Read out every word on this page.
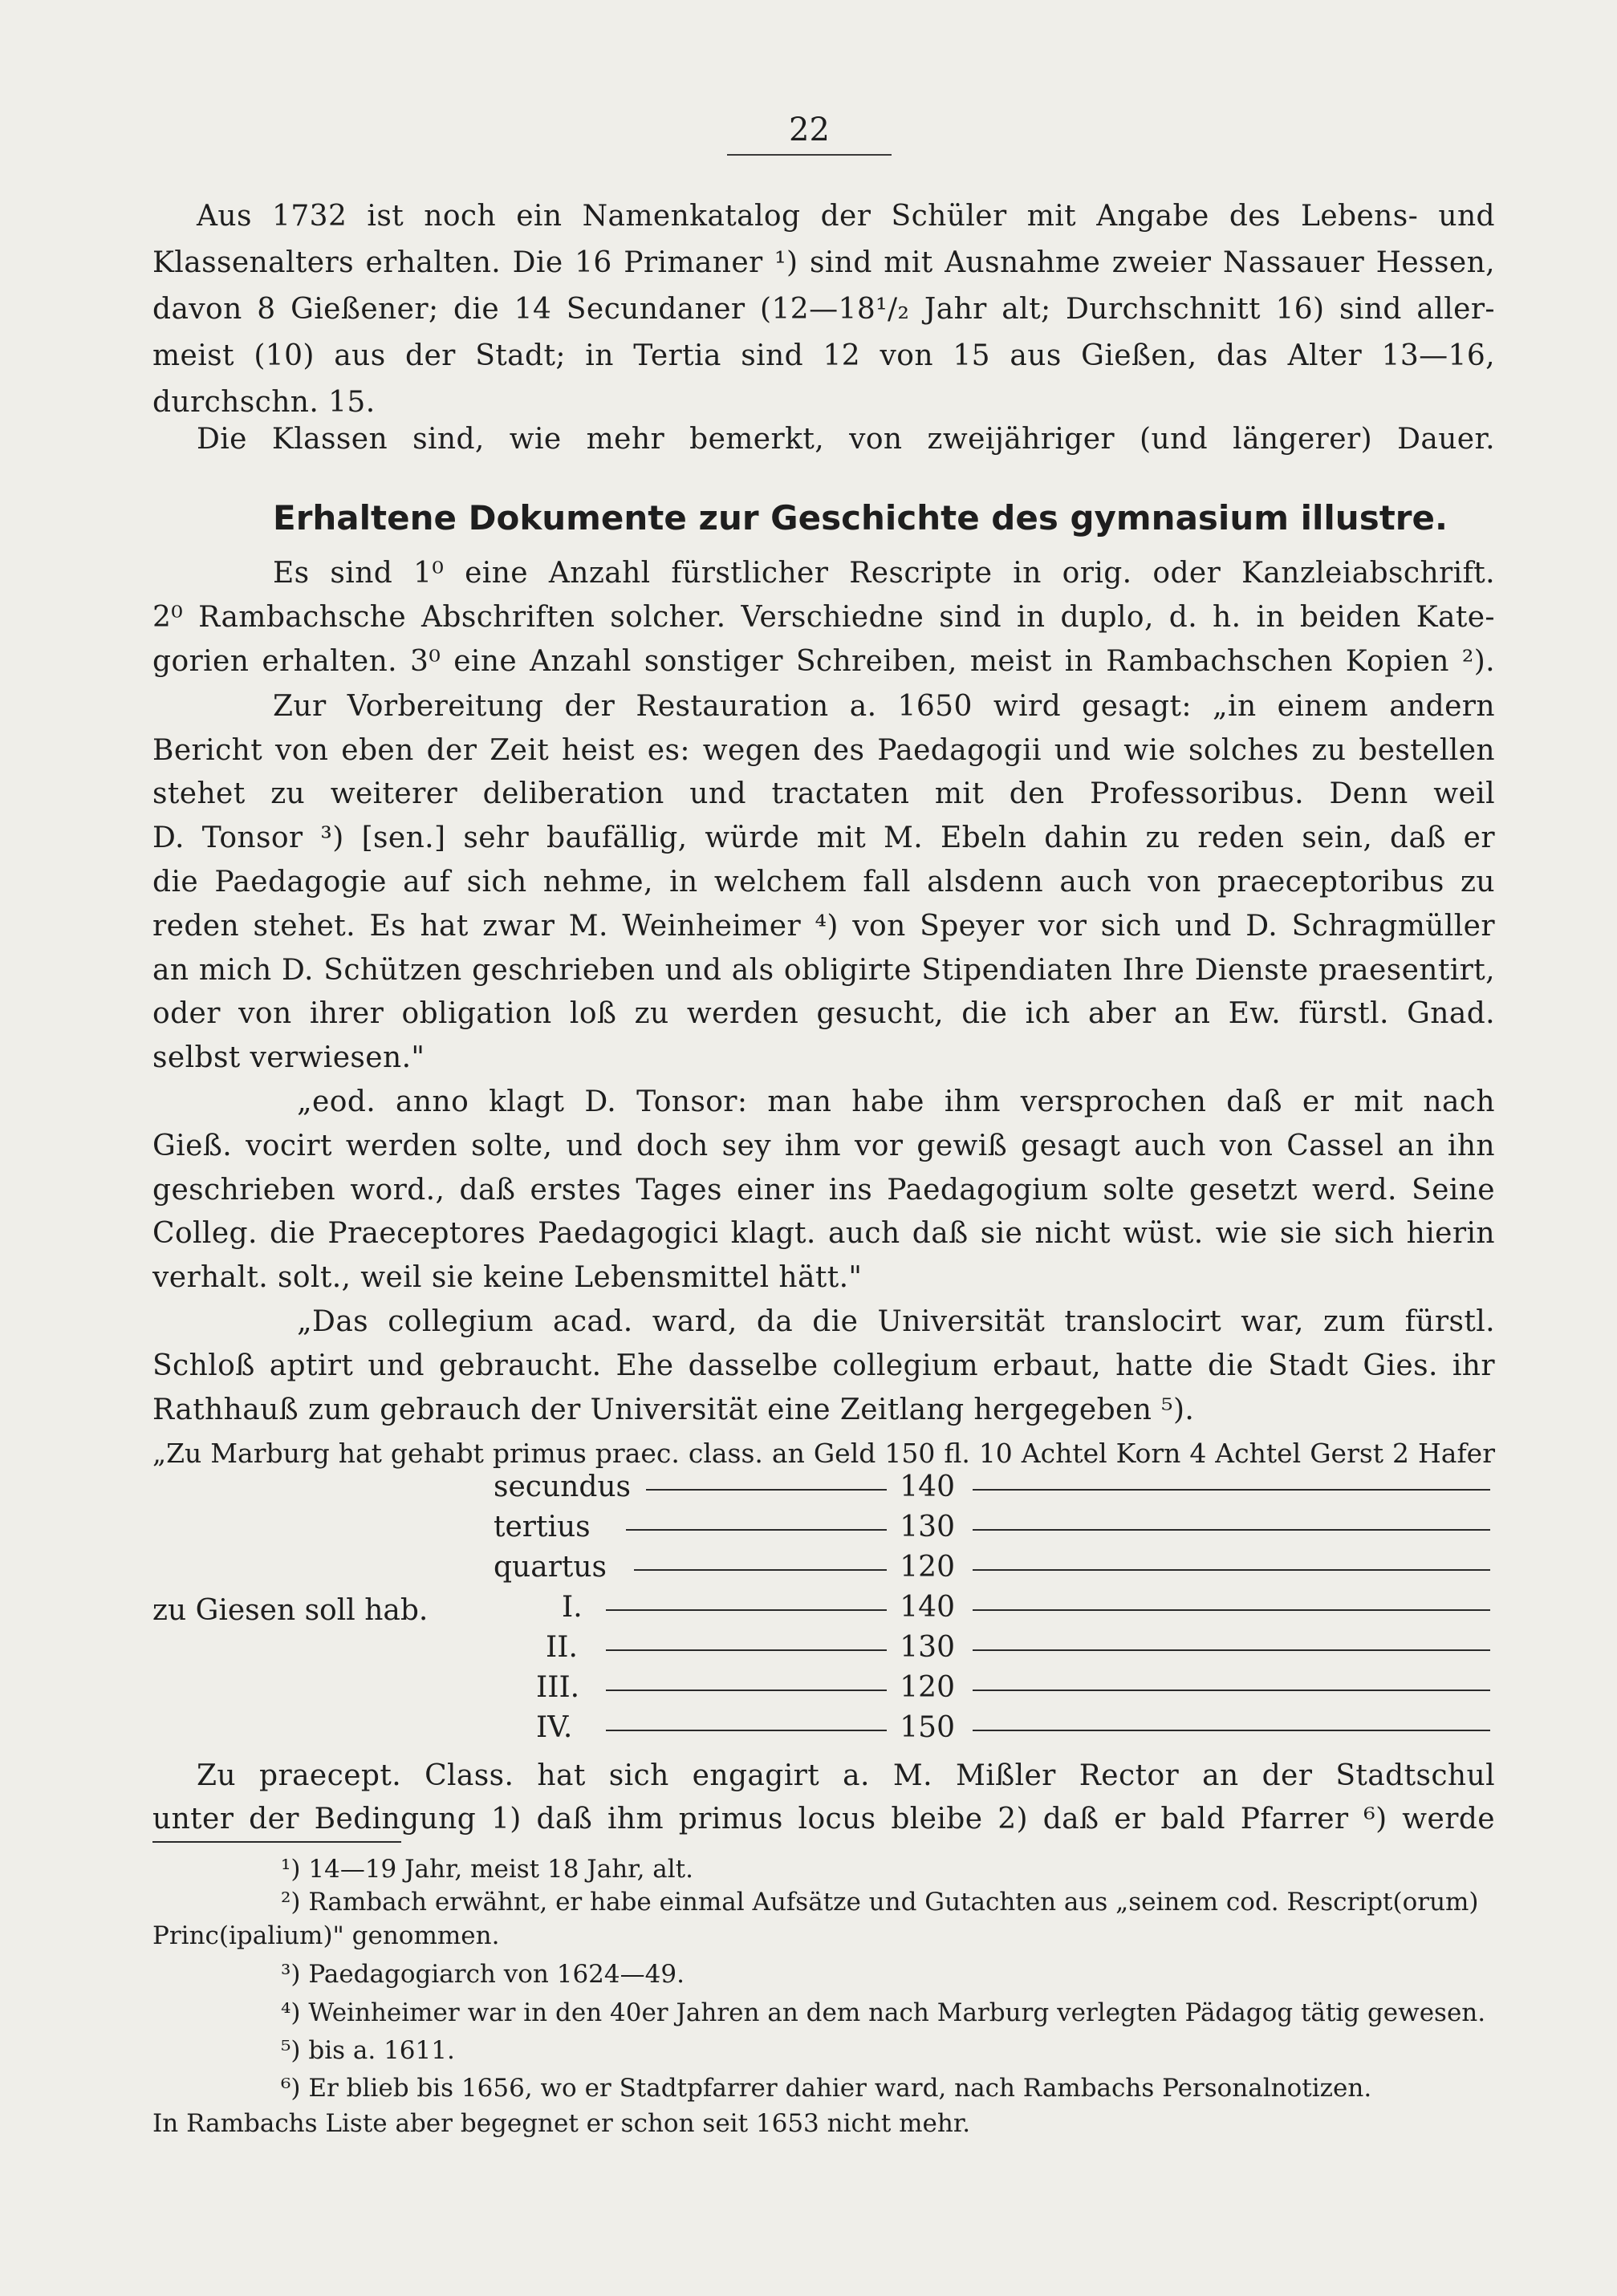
22
Aus 1732 ist noch ein Namenkatalog der Schüler mit Angabe des Lebens- und
Klassenalters erhalten. Die 16 Primaner ¹) sind mit Ausnahme zweier Nassauer Hessen,
davon 8 Gießener; die 14 Secundaner (12—18¹/₂ Jahr alt; Durchschnitt 16) sind aller-
meist (10) aus der Stadt; in Tertia sind 12 von 15 aus Gießen, das Alter 13—16,
durchschn. 15.
Die Klassen sind, wie mehr bemerkt, von zweijähriger (und längerer) Dauer.
Erhaltene Dokumente zur Geschichte des gymnasium illustre.
Es sind 1⁰ eine Anzahl fürstlicher Rescripte in orig. oder Kanzleiabschrift.
2⁰ Rambachsche Abschriften solcher. Verschiedne sind in duplo, d. h. in beiden Kate-
gorien erhalten. 3⁰ eine Anzahl sonstiger Schreiben, meist in Rambachschen Kopien ²).
Zur Vorbereitung der Restauration a. 1650 wird gesagt: „in einem andern
Bericht von eben der Zeit heist es: wegen des Paedagogii und wie solches zu bestellen
stehet zu weiterer deliberation und tractaten mit den Professoribus. Denn weil
D. Tonsor ³) [sen.] sehr baufällig, würde mit M. Ebeln dahin zu reden sein, daß er
die Paedagogie auf sich nehme, in welchem fall alsdenn auch von praeceptoribus zu
reden stehet. Es hat zwar M. Weinheimer ⁴) von Speyer vor sich und D. Schragmüller
an mich D. Schützen geschrieben und als obligirte Stipendiaten Ihre Dienste praesentirt,
oder von ihrer obligation loß zu werden gesucht, die ich aber an Ew. fürstl. Gnad.
selbst verwiesen."
„eod. anno klagt D. Tonsor: man habe ihm versprochen daß er mit nach
Gieß. vocirt werden solte, und doch sey ihm vor gewiß gesagt auch von Cassel an ihn
geschrieben word., daß erstes Tages einer ins Paedagogium solte gesetzt werd. Seine
Colleg. die Praeceptores Paedagogici klagt. auch daß sie nicht wüst. wie sie sich hierin
verhalt. solt., weil sie keine Lebensmittel hätt."
„Das collegium acad. ward, da die Universität translocirt war, zum fürstl.
Schloß aptirt und gebraucht. Ehe dasselbe collegium erbaut, hatte die Stadt Gies. ihr
Rathhauß zum gebrauch der Universität eine Zeitlang hergegeben ⁵).
„Zu Marburg hat gehabt primus praec. class. an Geld 150 fl. 10 Achtel Korn 4 Achtel Gerst 2 Hafer
secundus	140
tertius	130
quartus	120
zu Giesen soll hab.	I.	140
II.	130
III.	120
IV.	150
Zu praecept. Class. hat sich engagirt a. M. Mißler Rector an der Stadtschul
unter der Bedingung 1) daß ihm primus locus bleibe 2) daß er bald Pfarrer ⁶) werde
¹) 14—19 Jahr, meist 18 Jahr, alt.
²) Rambach erwähnt, er habe einmal Aufsätze und Gutachten aus „seinem cod. Rescript(orum)
Princ(ipalium)" genommen.
³) Paedagogiarch von 1624—49.
⁴) Weinheimer war in den 40er Jahren an dem nach Marburg verlegten Pädagog tätig gewesen.
⁵) bis a. 1611.
⁶) Er blieb bis 1656, wo er Stadtpfarrer dahier ward, nach Rambachs Personalnotizen.
In Rambachs Liste aber begegnet er schon seit 1653 nicht mehr.
